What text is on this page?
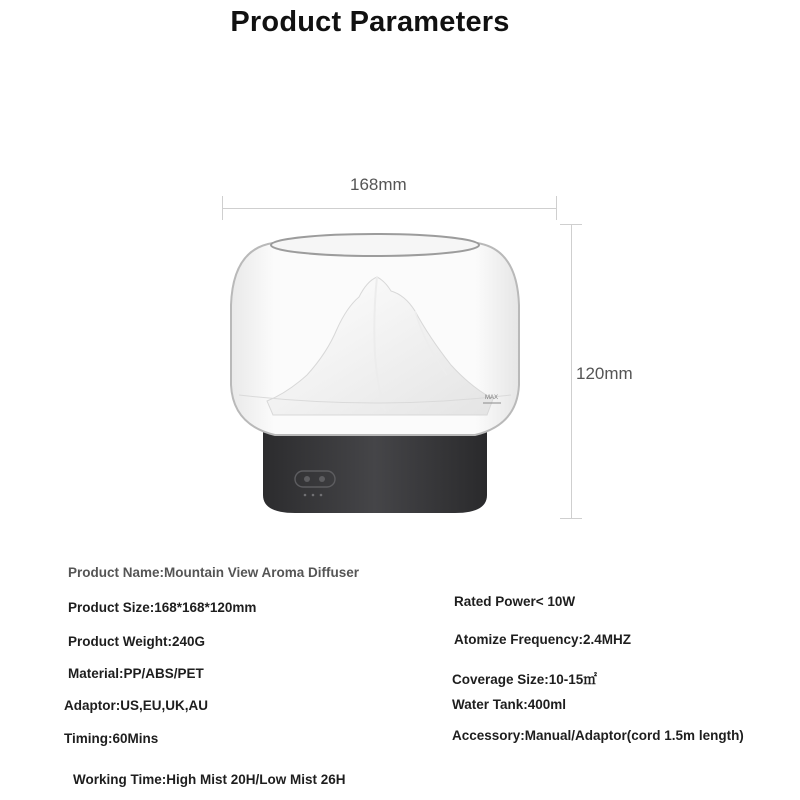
Product Parameters
168mm
120mm
MAX
Product Name:Mountain View Aroma Diffuser
Product Size:168*168*120mm
Product Weight:240G
Material:PP/ABS/PET
Adaptor:US,EU,UK,AU
Timing:60Mins
Working Time:High Mist 20H/Low Mist 26H
Rated Power< 10W
Atomize Frequency:2.4MHZ
Coverage Size:10-15㎡
Water Tank:400ml
Accessory:Manual/Adaptor(cord 1.5m length)
